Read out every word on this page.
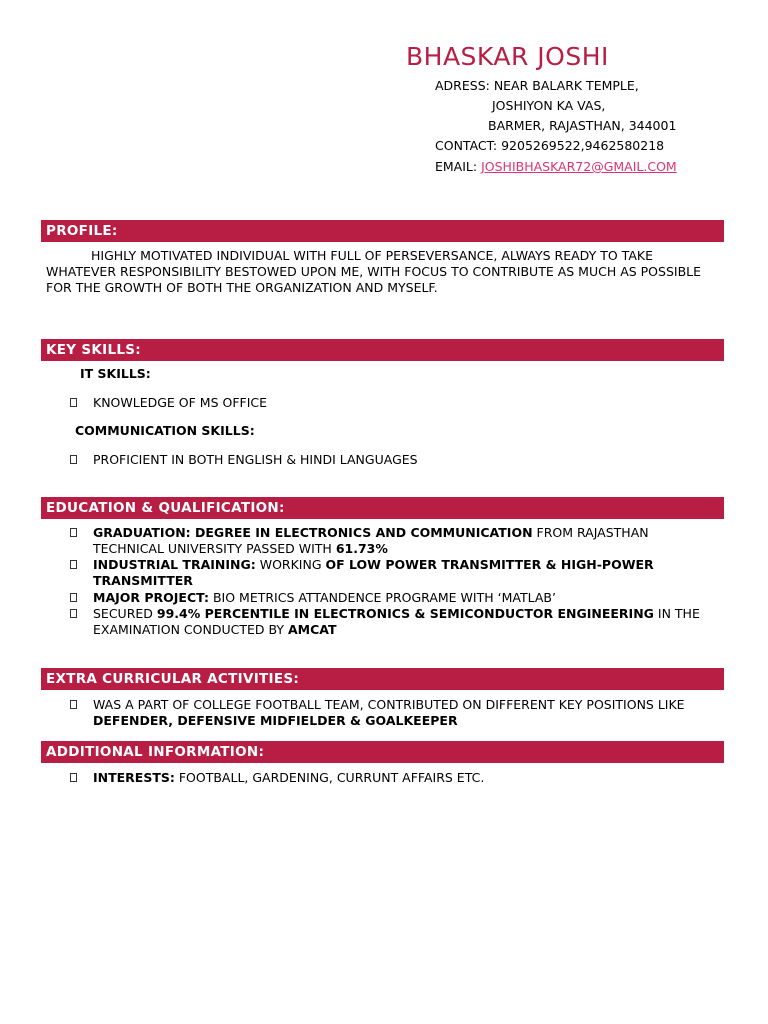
BHASKAR JOSHI
ADRESS: NEAR BALARK TEMPLE,
JOSHIYON KA VAS,
BARMER, RAJASTHAN, 344001
CONTACT: 9205269522,9462580218
EMAIL: JOSHIBHASKAR72@GMAIL.COM
PROFILE:

HIGHLY MOTIVATED INDIVIDUAL WITH FULL OF PERSEVERSANCE, ALWAYS READY TO TAKE WHATEVER RESPONSIBILITY BESTOWED UPON ME, WITH FOCUS TO CONTRIBUTE AS MUCH AS POSSIBLE FOR THE GROWTH OF BOTH THE ORGANIZATION AND MYSELF.

KEY SKILLS:
IT SKILLS:
KNOWLEDGE OF MS OFFICE
COMMUNICATION SKILLS:
PROFICIENT IN BOTH ENGLISH & HINDI LANGUAGES
EDUCATION & QUALIFICATION:
GRADUATION: DEGREE IN ELECTRONICS AND COMMUNICATION FROM RAJASTHAN TECHNICAL UNIVERSITY PASSED WITH 61.73%
INDUSTRIAL TRAINING: WORKING OF LOW POWER TRANSMITTER & HIGH-POWER TRANSMITTER
MAJOR PROJECT: BIO METRICS ATTANDENCE PROGRAME WITH ‘MATLAB’
SECURED 99.4% PERCENTILE IN ELECTRONICS & SEMICONDUCTOR ENGINEERING IN THE EXAMINATION CONDUCTED BY AMCAT
EXTRA CURRICULAR ACTIVITIES:
WAS A PART OF COLLEGE FOOTBALL TEAM, CONTRIBUTED ON DIFFERENT KEY POSITIONS LIKE DEFENDER, DEFENSIVE MIDFIELDER & GOALKEEPER
ADDITIONAL INFORMATION:
INTERESTS: FOOTBALL, GARDENING, CURRUNT AFFAIRS ETC.
